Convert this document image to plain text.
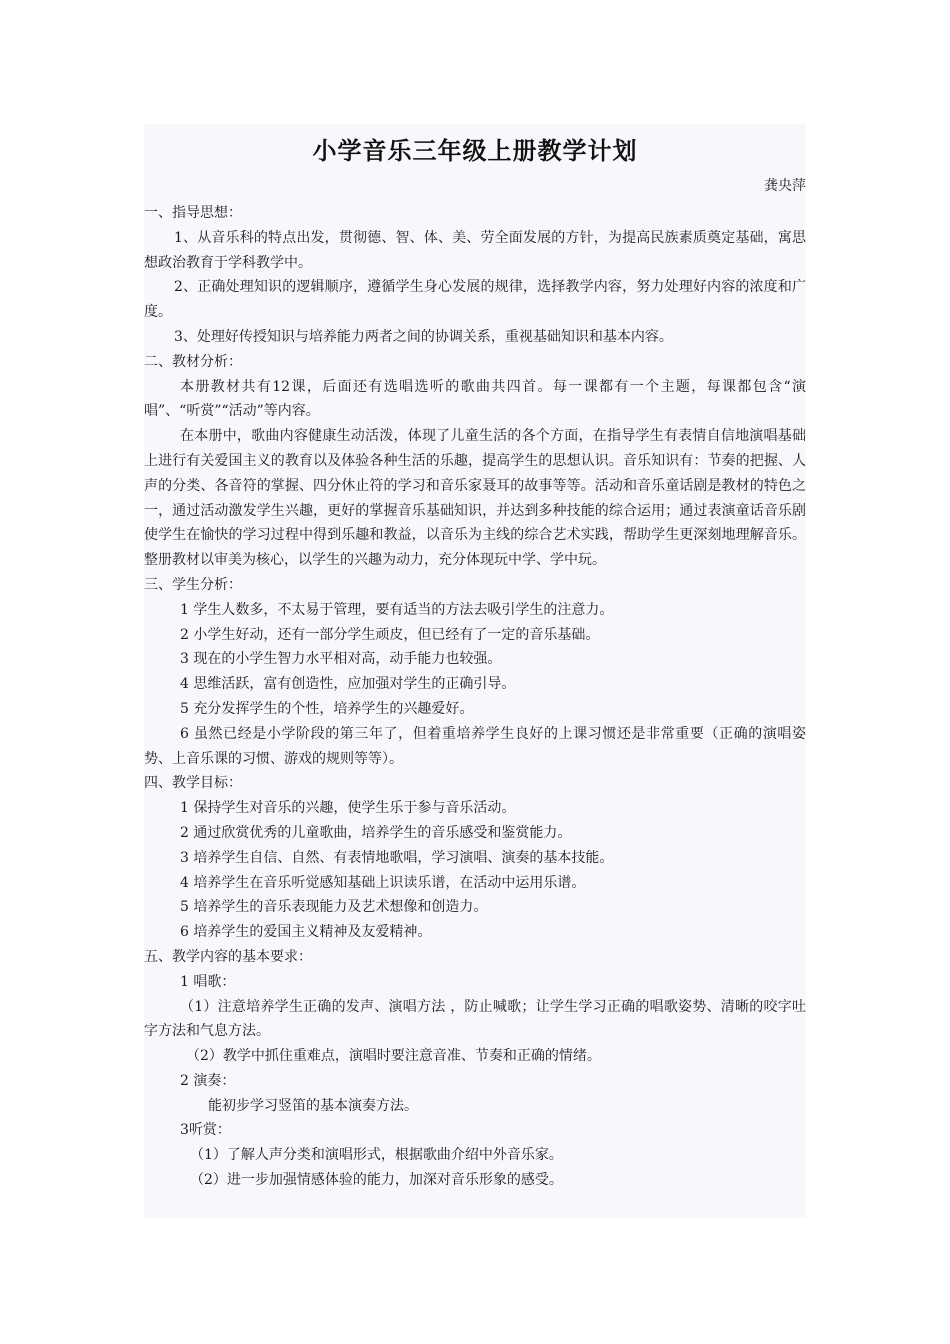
小学音乐三年级上册教学计划
龚央萍

一、指导思想：

1、从音乐科的特点出发，贯彻德、智、体、美、劳全面发展的方针，为提高民族素质奠定基础，寓思想政治教育于学科教学中。

2、正确处理知识的逻辑顺序，遵循学生身心发展的规律，选择教学内容，努力处理好内容的浓度和广度。

3、处理好传授知识与培养能力两者之间的协调关系，重视基础知识和基本内容。

二、教材分析：

本册教材共有12课，后面还有选唱选听的歌曲共四首。每一课都有一个主题，每课都包含“演唱”、“听赏”“活动”等内容。

在本册中，歌曲内容健康生动活泼，体现了儿童生活的各个方面，在指导学生有表情自信地演唱基础上进行有关爱国主义的教育以及体验各种生活的乐趣，提高学生的思想认识。音乐知识有：节奏的把握、人声的分类、各音符的掌握、四分休止符的学习和音乐家聂耳的故事等等。活动和音乐童话剧是教材的特色之一，通过活动激发学生兴趣，更好的掌握音乐基础知识，并达到多种技能的综合运用；通过表演童话音乐剧使学生在愉快的学习过程中得到乐趣和教益，以音乐为主线的综合艺术实践，帮助学生更深刻地理解音乐。整册教材以审美为核心，以学生的兴趣为动力，充分体现玩中学、学中玩。

三、学生分析：

1 学生人数多，不太易于管理，要有适当的方法去吸引学生的注意力。

2 小学生好动，还有一部分学生顽皮，但已经有了一定的音乐基础。

3 现在的小学生智力水平相对高，动手能力也较强。

4 思维活跃，富有创造性，应加强对学生的正确引导。

5 充分发挥学生的个性，培养学生的兴趣爱好。

6 虽然已经是小学阶段的第三年了，但着重培养学生良好的上课习惯还是非常重要（正确的演唱姿势、上音乐课的习惯、游戏的规则等等）。

四、教学目标：

1 保持学生对音乐的兴趣，使学生乐于参与音乐活动。

2 通过欣赏优秀的儿童歌曲，培养学生的音乐感受和鉴赏能力。

3 培养学生自信、自然、有表情地歌唱，学习演唱、演奏的基本技能。

4 培养学生在音乐听觉感知基础上识读乐谱，在活动中运用乐谱。

5 培养学生的音乐表现能力及艺术想像和创造力。

6 培养学生的爱国主义精神及友爱精神。

五、教学内容的基本要求：

1 唱歌：

（1）注意培养学生正确的发声、演唱方法 ，防止喊歌；让学生学习正确的唱歌姿势、清晰的咬字吐字方法和气息方法。

（2）教学中抓住重难点，演唱时要注意音准、节奏和正确的情绪。

2 演奏：

能初步学习竖笛的基本演奏方法。

3听赏：

（1）了解人声分类和演唱形式，根据歌曲介绍中外音乐家。

（2）进一步加强情感体验的能力，加深对音乐形象的感受。
